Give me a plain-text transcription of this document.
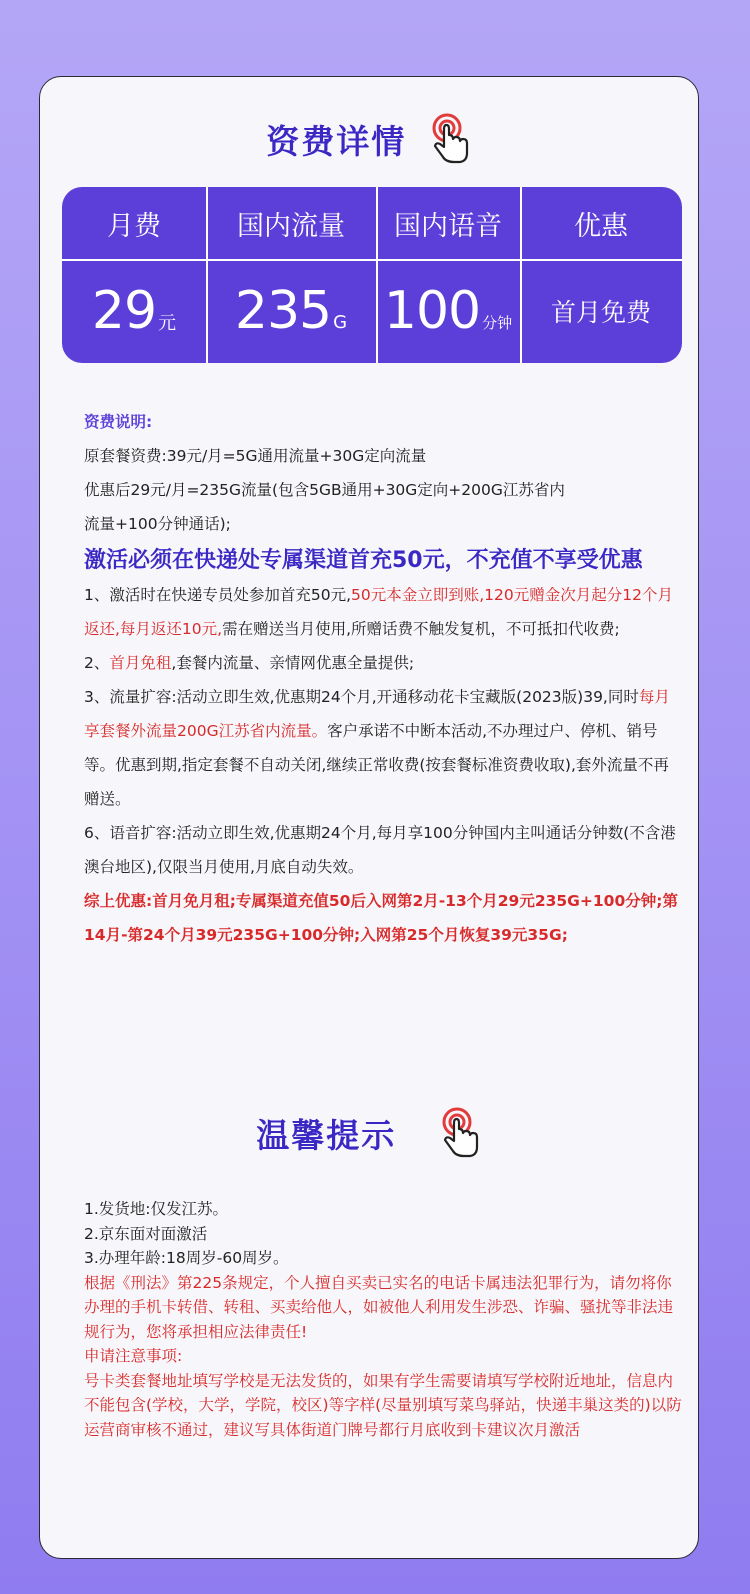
资费详情
月费
29 元
国内流量
235 G
国内语音
100 分钟
优惠
首月免费

资费说明:

原套餐资费:39元/月=5G通用流量+30G定向流量

优惠后29元/月=235G流量(包含5GB通用+30G定向+200G江苏省内
流量+100分钟通话);

激活必须在快递处专属渠道首充50元，不充值不享受优惠

1、激活时在快递专员处参加首充50元,50元本金立即到账,120元赠金次月起分12个月返还,每月返还10元,需在赠送当月使用,所赠话费不触发复机，不可抵扣代收费;

2、首月免租,套餐内流量、亲情网优惠全量提供;

3、流量扩容:活动立即生效,优惠期24个月,开通移动花卡宝藏版(2023版)39,同时每月享套餐外流量200G江苏省内流量。客户承诺不中断本活动,不办理过户、停机、销号等。优惠到期,指定套餐不自动关闭,继续正常收费(按套餐标准资费收取),套外流量不再赠送。

6、语音扩容:活动立即生效,优惠期24个月,每月享100分钟国内主叫通话分钟数(不含港澳台地区),仅限当月使用,月底自动失效。

综上优惠:首月免月租;专属渠道充值50后入网第2月-13个月29元235G+100分钟;第14月-第24个月39元235G+100分钟;入网第25个月恢复39元35G;

温馨提示

1.发货地:仅发江苏。

2.京东面对面激活

3.办理年龄:18周岁-60周岁。

根据《刑法》第225条规定，个人擅自买卖已实名的电话卡属违法犯罪行为，请勿将你办理的手机卡转借、转租、买卖给他人，如被他人利用发生涉恐、诈骗、骚扰等非法违规行为，您将承担相应法律责任!

申请注意事项:

号卡类套餐地址填写学校是无法发货的，如果有学生需要请填写学校附近地址，信息内不能包含(学校，大学，学院，校区)等字样(尽量别填写菜鸟驿站，快递丰巢这类的)以防运营商审核不通过，建议写具体街道门牌号都行月底收到卡建议次月激活
